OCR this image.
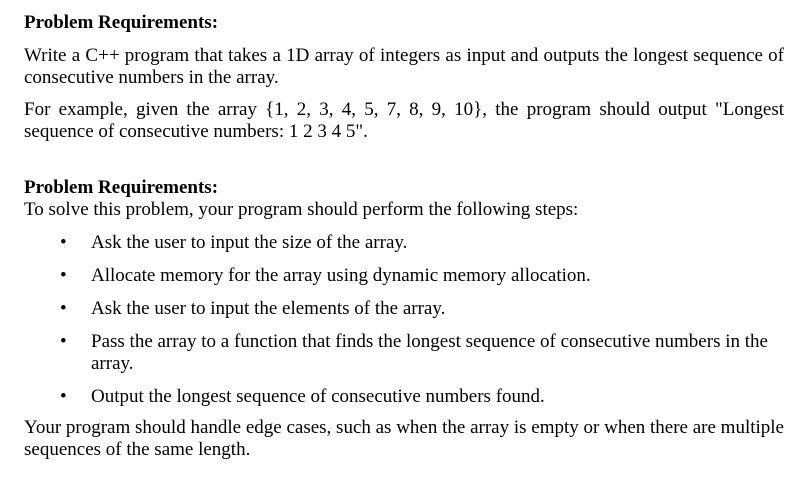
Problem Requirements:

Write a C++ program that takes a 1D array of integers as input and outputs the longest sequence of consecutive numbers in the array.

For example, given the array {1, 2, 3, 4, 5, 7, 8, 9, 10}, the program should output "Longest sequence of consecutive numbers: 1 2 3 4 5".

Problem Requirements:

To solve this problem, your program should perform the following steps:

• Ask the user to input the size of the array.
• Allocate memory for the array using dynamic memory allocation.
• Ask the user to input the elements of the array.
• Pass the array to a function that finds the longest sequence of consecutive numbers in the array.
• Output the longest sequence of consecutive numbers found.

Your program should handle edge cases, such as when the array is empty or when there are multiple sequences of the same length.
